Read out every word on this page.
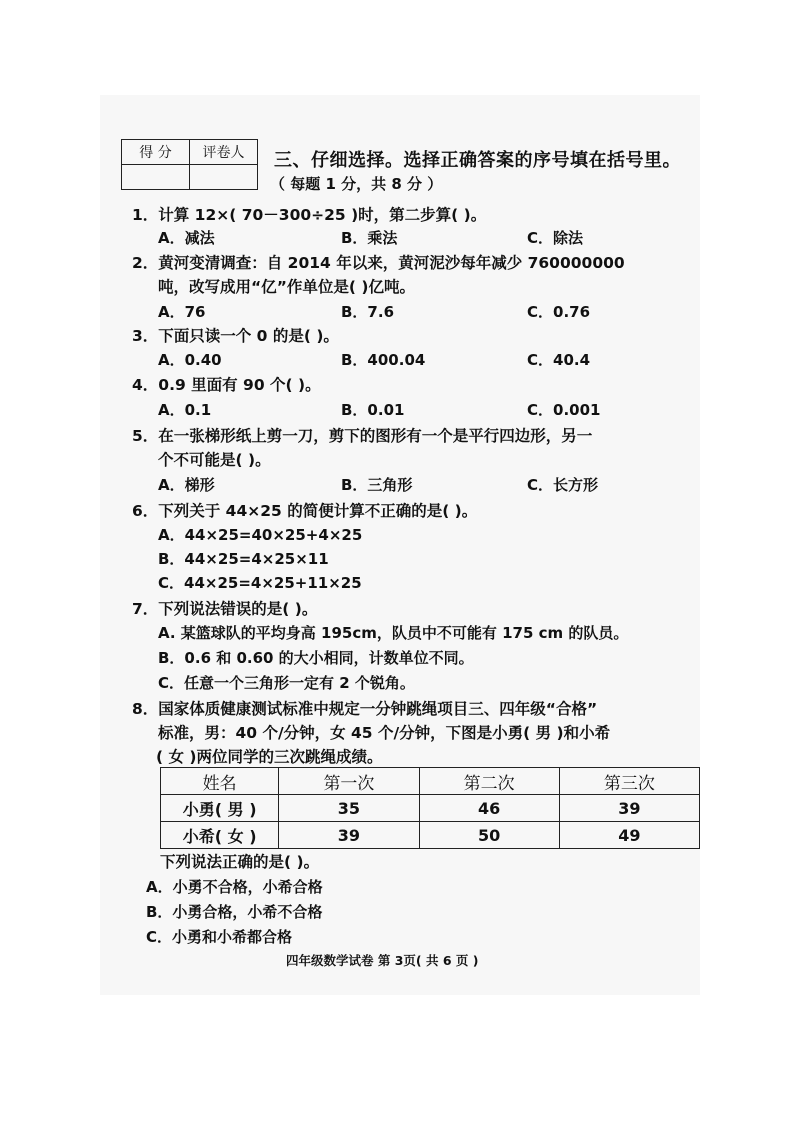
得 分	评卷人
	三、仔细选择。选择正确答案的序号填在括号里。
（ 每题 1 分，共 8 分 ）
1．计算 12×( 70－300÷25 )时，第二步算( )。
A．减法	B．乘法	C．除法
2．黄河变清调查：自 2014 年以来，黄河泥沙每年减少 760000000
吨，改写成用“亿”作单位是( )亿吨。
A．76	B．7.6	C．0.76
3．下面只读一个 0 的是( )。
A．0.40	B．400.04	C．40.4
4．0.9 里面有 90 个( )。
A．0.1	B．0.01	C．0.001
5．在一张梯形纸上剪一刀，剪下的图形有一个是平行四边形，另一
个不可能是( )。
A．梯形	B．三角形	C．长方形
6．下列关于 44×25 的简便计算不正确的是( )。
A．44×25=40×25+4×25
B．44×25=4×25×11
C．44×25=4×25+11×25
7．下列说法错误的是( )。
A. 某篮球队的平均身高 195cm，队员中不可能有 175 cm 的队员。
B．0.6 和 0.60 的大小相同，计数单位不同。
C．任意一个三角形一定有 2 个锐角。
8．国家体质健康测试标准中规定一分钟跳绳项目三、四年级“合格”
标准，男：40 个/分钟，女 45 个/分钟，下图是小勇( 男 )和小希
( 女 )两位同学的三次跳绳成绩。
姓名	第一次	第二次	第三次
小勇( 男 )	35	46	39
小希( 女 )	39	50	49
下列说法正确的是( )。
A．小勇不合格，小希合格
B．小勇合格，小希不合格
C．小勇和小希都合格
四年级数学试卷 第 3页( 共 6 页 )
